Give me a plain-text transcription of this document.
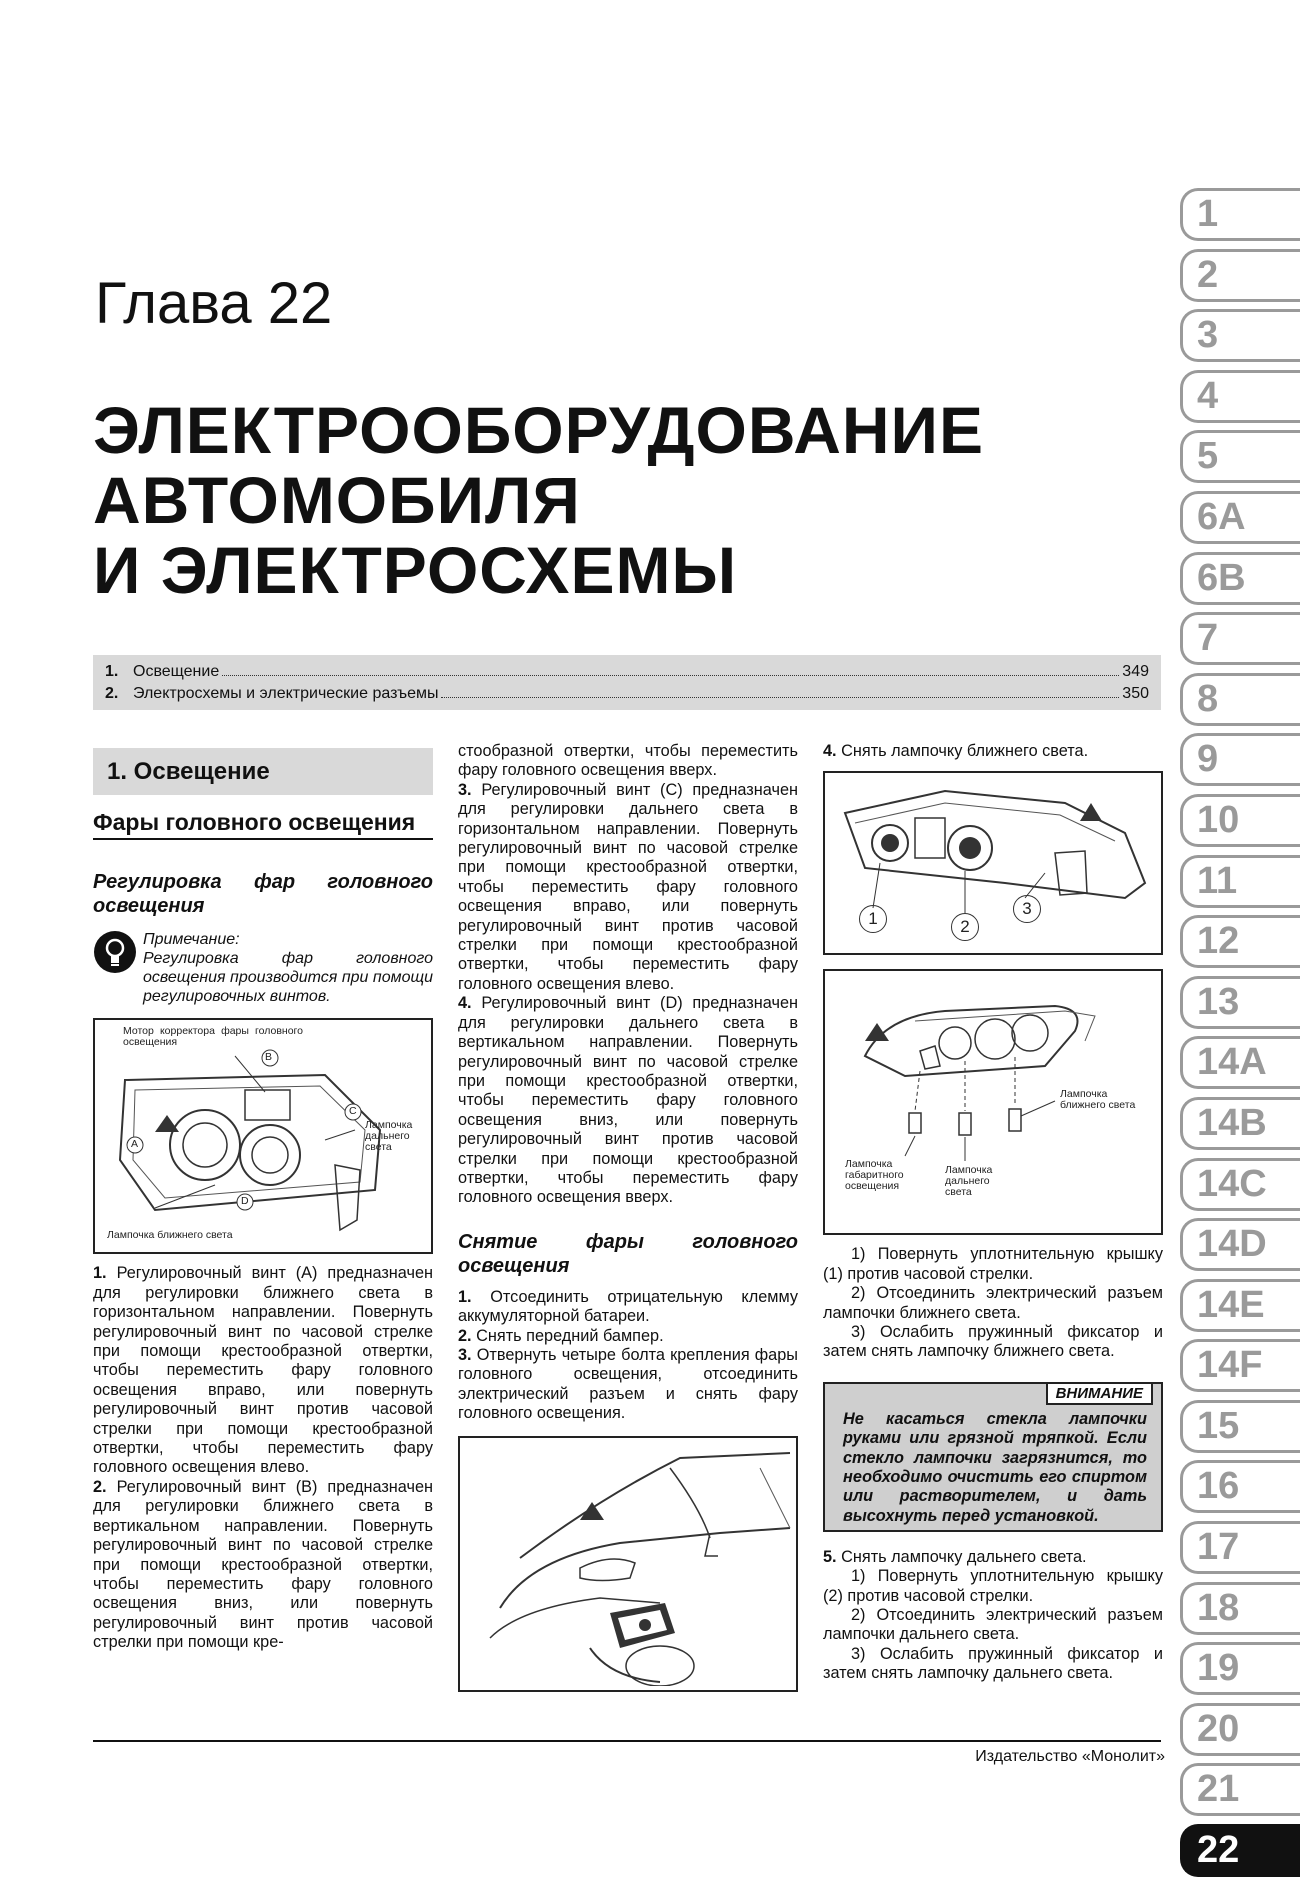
1
2
3
4
5
6A
6B
7
8
9
10
11
12
13
14A
14B
14C
14D
14E
14F
15
16
17
18
19
20
21
22
Глава 22
ЭЛЕКТРООБОРУДОВАНИЕ
АВТОМОБИЛЯ
И ЭЛЕКТРОСХЕМЫ
1. Освещение	349
2. Электросхемы и электрические разъемы	350
1. Освещение
Фары головного освещения
Регулировка фар головного освещения
Примечание:
Регулировка фар головного освещения производится при помощи регулировочных винтов.
Мотор корректора фары головного освещения
B
A
C
D
Лампочка дальнего света
Лампочка ближнего света

1. Регулировочный винт (А) предназначен для регулировки ближнего света в горизонтальном направлении. Повернуть регулировочный винт по часовой стрелке при помощи крестообразной отвертки, чтобы переместить фару головного освещения вправо, или повернуть регулировочный винт против часовой стрелки при помощи крестообразной отвертки, чтобы переместить фару головного освещения влево.

2. Регулировочный винт (В) предназначен для регулировки ближнего света в вертикальном направлении. Повернуть регулировочный винт по часовой стрелке при помощи крестообразной отвертки, чтобы переместить фару головного освещения вниз, или повернуть регулировочный винт против часовой стрелки при помощи кре-

стообразной отвертки, чтобы переместить фару головного освещения вверх.

3. Регулировочный винт (C) предназначен для регулировки дальнего света в горизонтальном направлении. Повернуть регулировочный винт по часовой стрелке при помощи крестообразной отвертки, чтобы переместить фару головного освещения вправо, или повернуть регулировочный винт против часовой стрелки при помощи крестообразной отвертки, чтобы переместить фару головного освещения влево.

4. Регулировочный винт (D) предназначен для регулировки дальнего света в вертикальном направлении. Повернуть регулировочный винт по часовой стрелке при помощи крестообразной отвертки, чтобы переместить фару головного освещения вниз, или повернуть регулировочный винт против часовой стрелки при помощи крестообразной отвертки, чтобы переместить фару головного освещения вверх.

Снятие фары головного освещения

1. Отсоединить отрицательную клемму аккумуляторной батареи.

2. Снять передний бампер.

3. Отвернуть четыре болта крепления фары головного освещения, отсоединить электрический разъем и снять фару головного освещения.

4. Снять лампочку ближнего света.

1	2
3
Лампочка ближнего света
Лампочка габаритного освещения
Лампочка дальнего света

1) Повернуть уплотнительную крышку (1) против часовой стрелки.

2) Отсоединить электрический разъем лампочки ближнего света.

3) Ослабить пружинный фиксатор и затем снять лампочку ближнего света.

ВНИМАНИЕ
Не касаться стекла лампочки руками или грязной тряпкой. Если стекло лампочки загрязнится, то необходимо очистить его спиртом или растворителем, и дать высохнуть перед установкой.

5. Снять лампочку дальнего света.

1) Повернуть уплотнительную крышку (2) против часовой стрелки.

2) Отсоединить электрический разъем лампочки дальнего света.

3) Ослабить пружинный фиксатор и затем снять лампочку дальнего света.

Издательство «Монолит»
